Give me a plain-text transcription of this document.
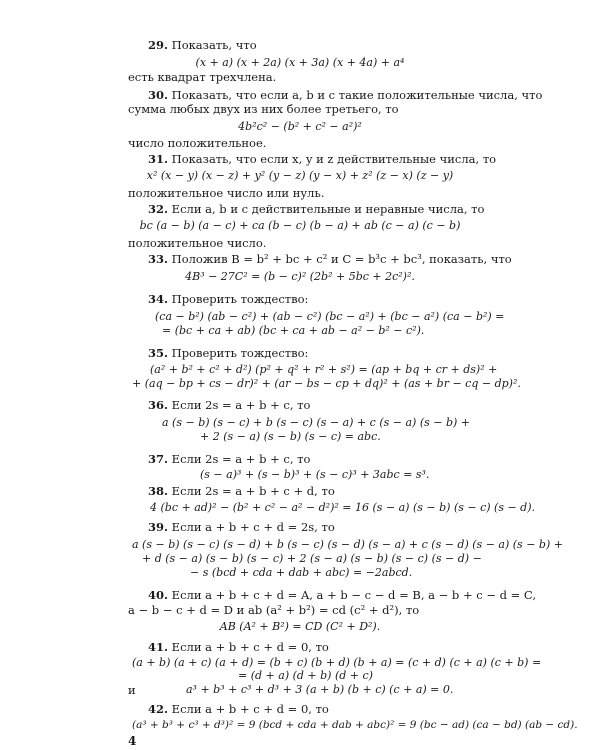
29. Показать, что
(x + a) (x + 2a) (x + 3a) (x + 4a) + a⁴
есть квадрат трехчлена.
30. Показать, что если a, b и c такие положительные числа, что
сумма любых двух из них более третьего, то
4b²c² − (b² + c² − a²)²
число положительное.
31. Показать, что если x, y и z действительные числа, то
x² (x − y) (x − z) + y² (y − z) (y − x) + z² (z − x) (z − y)
положительное число или нуль.
32. Если a, b и c действительные и неравные числа, то
bc (a − b) (a − c) + ca (b − c) (b − a) + ab (c − a) (c − b)
положительное число.
33. Положив B = b² + bc + c² и C = b³c + bc³, показать, что
4B³ − 27C² = (b − c)² (2b² + 5bc + 2c²)².
34. Проверить тождество:
(ca − b²) (ab − c²) + (ab − c²) (bc − a²) + (bc − a²) (ca − b²) =
= (bc + ca + ab) (bc + ca + ab − a² − b² − c²).
35. Проверить тождество:
(a² + b² + c² + d²) (p² + q² + r² + s²) = (ap + bq + cr + ds)² +
+ (aq − bp + cs − dr)² + (ar − bs − cp + dq)² + (as + br − cq − dp)².
36. Если 2s = a + b + c, то
a (s − b) (s − c) + b (s − c) (s − a) + c (s − a) (s − b) +
+ 2 (s − a) (s − b) (s − c) = abc.
37. Если 2s = a + b + c, то
(s − a)³ + (s − b)³ + (s − c)³ + 3abc = s³.
38. Если 2s = a + b + c + d, то
4 (bc + ad)² − (b² + c² − a² − d²)² = 16 (s − a) (s − b) (s − c) (s − d).
39. Если a + b + c + d = 2s, то
a (s − b) (s − c) (s − d) + b (s − c) (s − d) (s − a) + c (s − d) (s − a) (s − b) +
+ d (s − a) (s − b) (s − c) + 2 (s − a) (s − b) (s − c) (s − d) −
− s (bcd + cda + dab + abc) = −2abcd.
40. Если a + b + c + d = A, a + b − c − d = B, a − b + c − d = C,
a − b − c + d = D и ab (a² + b²) = cd (c² + d²), то
AB (A² + B²) = CD (C² + D²).
41. Если a + b + c + d = 0, то
(a + b) (a + c) (a + d) = (b + c) (b + d) (b + a) = (c + d) (c + a) (c + b) =
= (d + a) (d + b) (d + c)
и	a³ + b³ + c³ + d³ + 3 (a + b) (b + c) (c + a) = 0.
42. Если a + b + c + d = 0, то
(a³ + b³ + c³ + d³)² = 9 (bcd + cda + dab + abc)² = 9 (bc − ad) (ca − bd) (ab − cd).
4
